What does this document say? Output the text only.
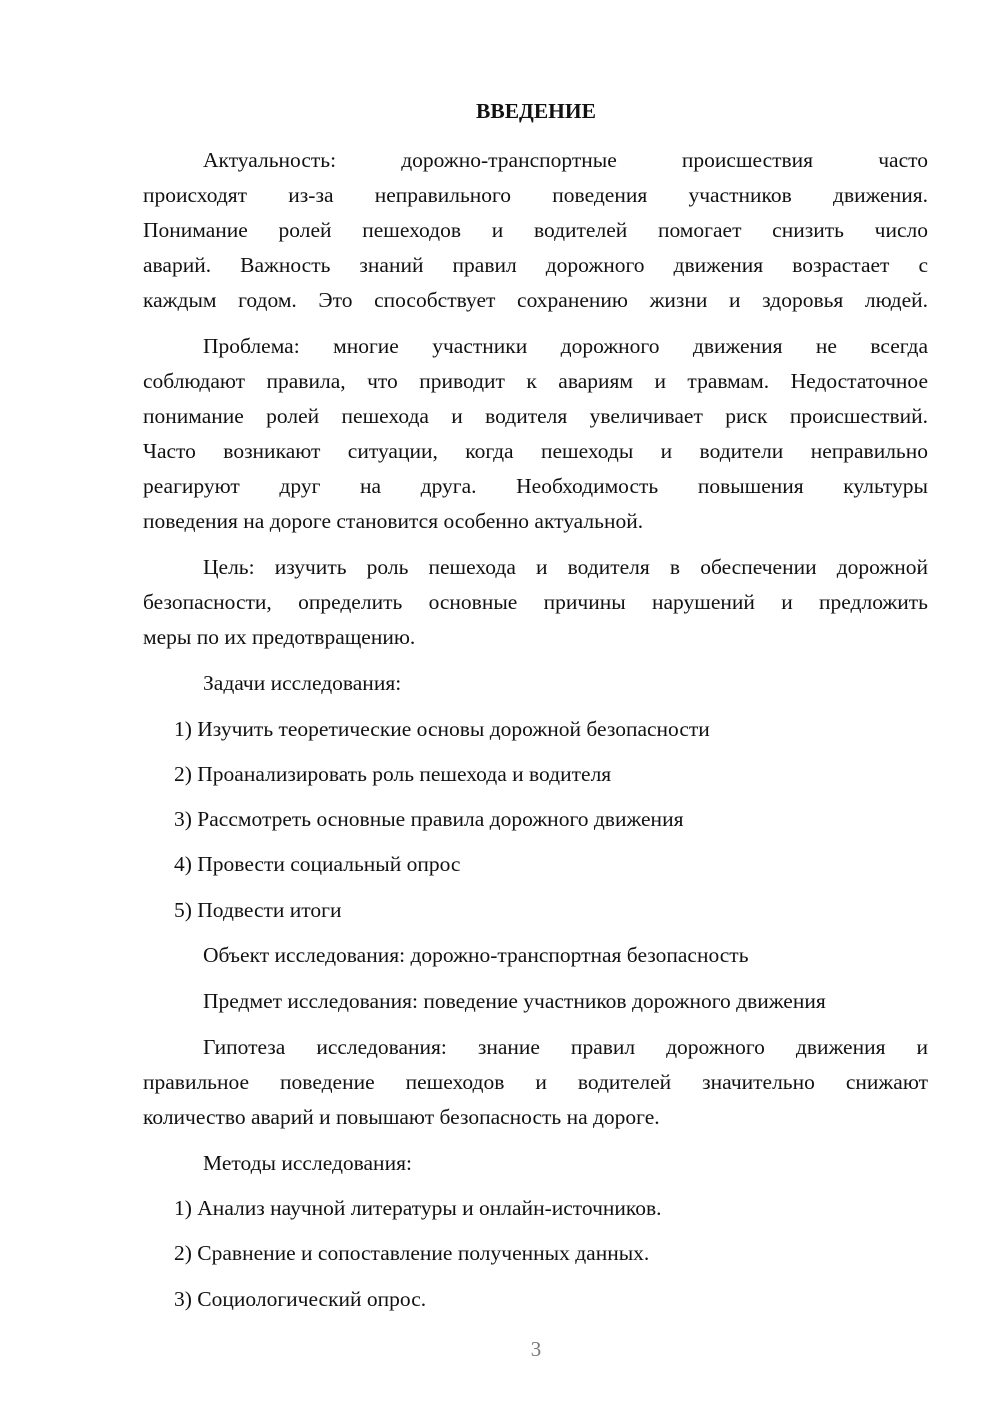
ВВЕДЕНИЕ
Актуальность: дорожно-транспортные происшествия часто
происходят из-за неправильного поведения участников движения.
Понимание ролей пешеходов и водителей помогает снизить число
аварий. Важность знаний правил дорожного движения возрастает с
каждым годом. Это способствует сохранению жизни и здоровья людей.
Проблема: многие участники дорожного движения не всегда
соблюдают правила, что приводит к авариям и травмам. Недостаточное
понимание ролей пешехода и водителя увеличивает риск происшествий.
Часто возникают ситуации, когда пешеходы и водители неправильно
реагируют друг на друга. Необходимость повышения культуры
поведения на дороге становится особенно актуальной.
Цель: изучить роль пешехода и водителя в обеспечении дорожной
безопасности, определить основные причины нарушений и предложить
меры по их предотвращению.

Задачи исследования:

1) Изучить теоретические основы дорожной безопасности

2) Проанализировать роль пешехода и водителя

3) Рассмотреть основные правила дорожного движения

4) Провести социальный опрос

5) Подвести итоги

Объект исследования: дорожно-транспортная безопасность

Предмет исследования: поведение участников дорожного движения

Гипотеза исследования: знание правил дорожного движения и
правильное поведение пешеходов и водителей значительно снижают
количество аварий и повышают безопасность на дороге.

Методы исследования:

1) Анализ научной литературы и онлайн-источников.

2) Сравнение и сопоставление полученных данных.

3) Социологический опрос.

3
